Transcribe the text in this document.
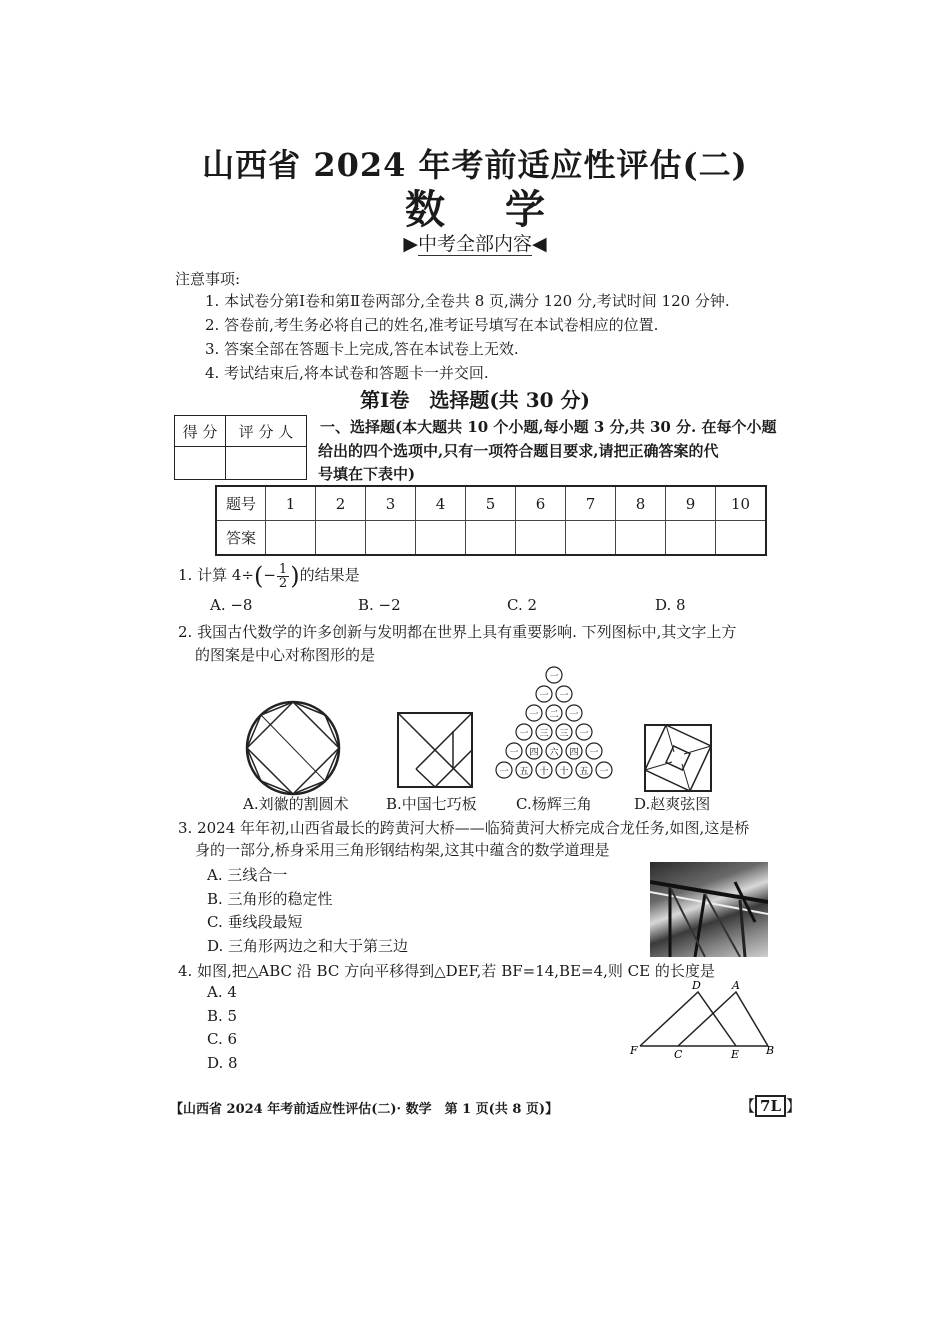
山西省 2024 年考前适应性评估(二)
数学
▶中考全部内容◀
注意事项:
1. 本试卷分第Ⅰ卷和第Ⅱ卷两部分,全卷共 8 页,满分 120 分,考试时间 120 分钟.
2. 答卷前,考生务必将自己的姓名,准考证号填写在本试卷相应的位置.
3. 答案全部在答题卡上完成,答在本试卷上无效.
4. 考试结束后,将本试卷和答题卡一并交回.
第Ⅰ卷　选择题(共 30 分)
得 分	评 分 人
	一、选择题(本大题共 10 个小题,每小题 3 分,共 30 分. 在每个小题
给出的四个选项中,只有一项符合题目要求,请把正确答案的代
号填在下表中)
题号	1	2	3	4	5	6	7	8	9	10
答案										
1. 计算 $4\div(- \frac{1}{2}$ )的结果是
A. −8	B. −2	C. 2	D. 8
2. 我国古代数学的许多创新与发明都在世界上具有重要影响. 下列图标中,其文字上方
的图案是中心对称图形的是
A.刘徽的割圆术 B.中国七巧板
一
一 一
一 二 一
一 三 三 一
一 四 六 四 一
一 五 十 十 五 一
C.杨辉三角	D.赵爽弦图
3. 2024 年年初,山西省最长的跨黄河大桥——临猗黄河大桥完成合龙任务,如图,这是桥
身的一部分,桥身采用三角形钢结构架,这其中蕴含的数学道理是
A. 三线合一
B. 三角形的稳定性
C. 垂线段最短
D. 三角形两边之和大于第三边
4. 如图,把△ABC 沿 BC 方向平移得到△DEF,若 BF=14,BE=4,则 CE 的长度是
A. 4
B. 5
C. 6
D. 8
D	A
F	C	E B
【山西省 2024 年考前适应性评估(二)· 数学　第 1 页(共 8 页)】	【 7L 】
